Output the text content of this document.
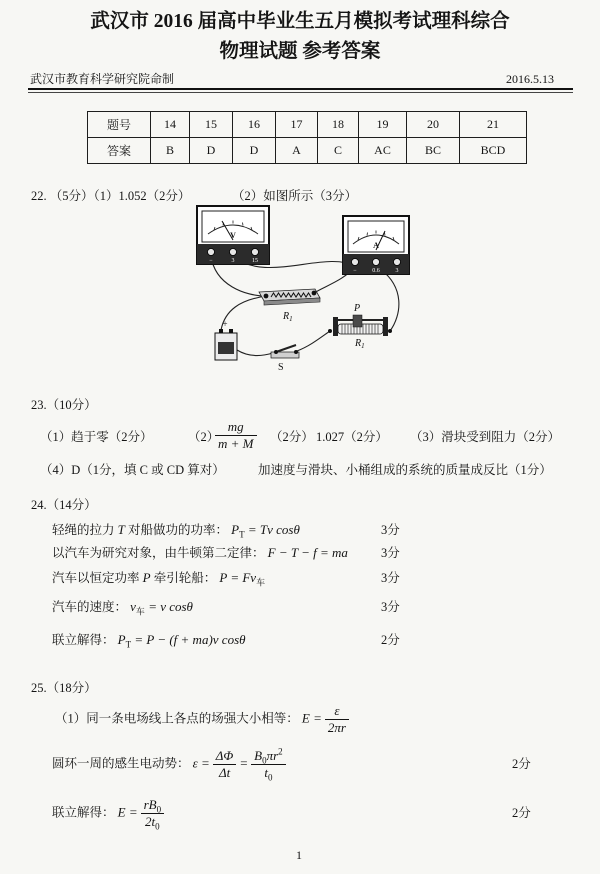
武汉市 2016 届高中毕业生五月模拟考试理科综合
物理试题 参考答案
武汉市教育科学研究院命制	2016.5.13
题号	14	15	16	17	18	19	20	21
答案	B	D	D	A	C	AC	BC	BCD
22. （5分）（1）1.052（2分）	（2）如图所示（3分）
V
−	3	15
A
−	0.6	3
$R_1$
P
$R_1$
+
S
23.（10分）
（1）趋于零（2分）	（2）
$\frac{mg}{m + M} (2$分） 1.027（2分） （3）滑块受到阻力（2分）
（4）D（1分，填 C 或 CD 算对）	加速度与滑块、小桶组成的系统的质量成反比（1分）
24.（14分）
轻绳的拉力 T 对船做功的功率： $P_T = Tv$ cosθ	3分
以汽车为研究对象，由牛顿第二定律： F − T − f = ma	3分
汽车以恒定功率 P 牵引轮船： $P = Fv_车$	3分
汽车的速度： $v_车 = v$ cosθ	3分
联立解得： $P_T = P - (f + ma)v$ cosθ	2分
25.（18分）
（1）同一条电场线上各点的场强大小相等： $E = \frac{\varepsilon}{2\pi r}$
圆环一周的感生电动势： $\varepsilon = \frac{\Delta\Phi}{\Delta t} = \frac{B_0\pi r^2}{t_0}$	2分
联立解得： $E = \frac{rB_0}{2t_0}$	2分
1
